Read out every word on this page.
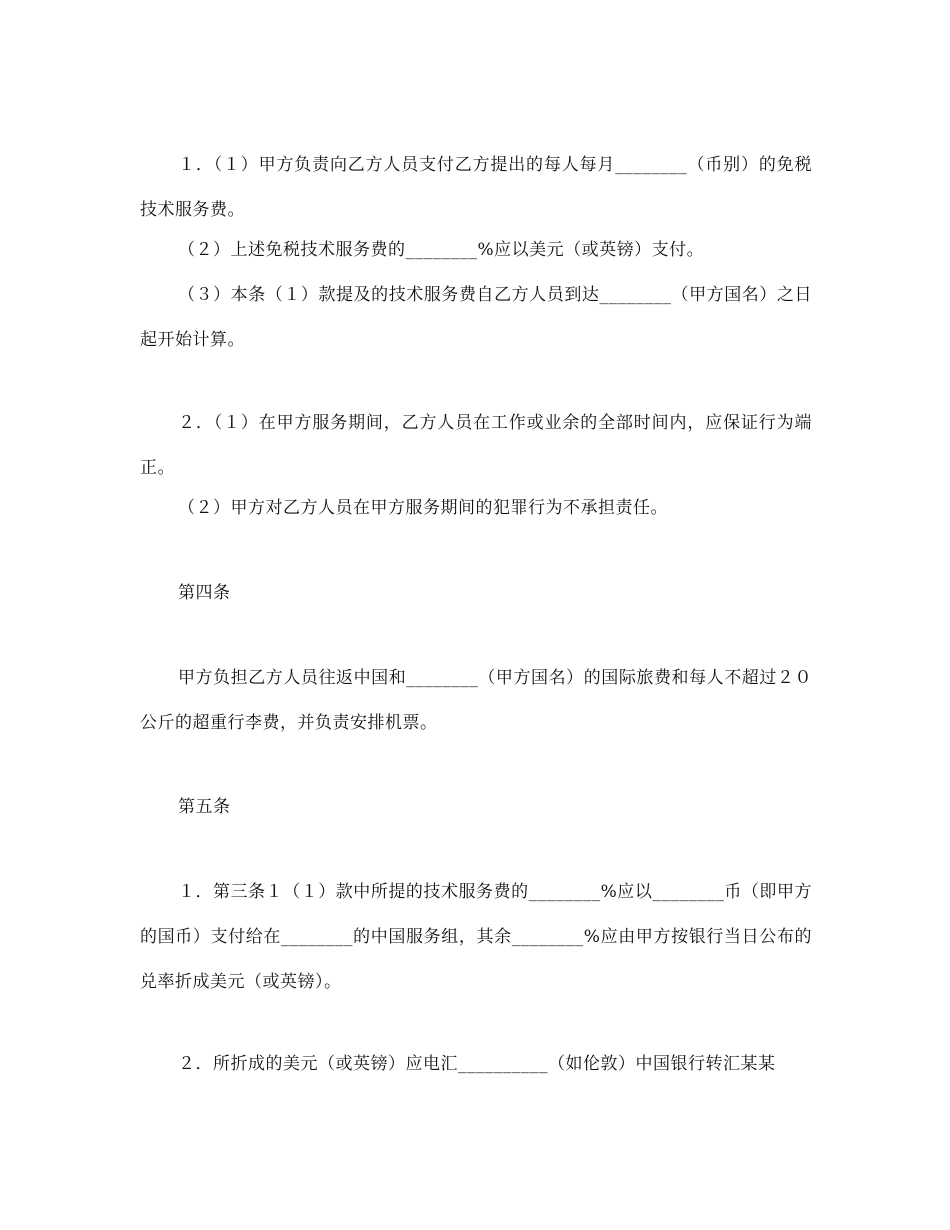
１．（１）甲方负责向乙方人员支付乙方提出的每人每月________（币别）的免税技术服务费。

（２）上述免税技术服务费的________%应以美元（或英镑）支付。

（３）本条（１）款提及的技术服务费自乙方人员到达________（甲方国名）之日起开始计算。

２．（１）在甲方服务期间，乙方人员在工作或业余的全部时间内，应保证行为端正。

（２）甲方对乙方人员在甲方服务期间的犯罪行为不承担责任。

第四条

甲方负担乙方人员往返中国和________（甲方国名）的国际旅费和每人不超过２０公斤的超重行李费，并负责安排机票。

第五条

１．第三条１（１）款中所提的技术服务费的________%应以________币（即甲方的国币）支付给在________的中国服务组，其余________%应由甲方按银行当日公布的兑率折成美元（或英镑）。

２．所折成的美元（或英镑）应电汇__________（如伦敦）中国银行转汇某某
